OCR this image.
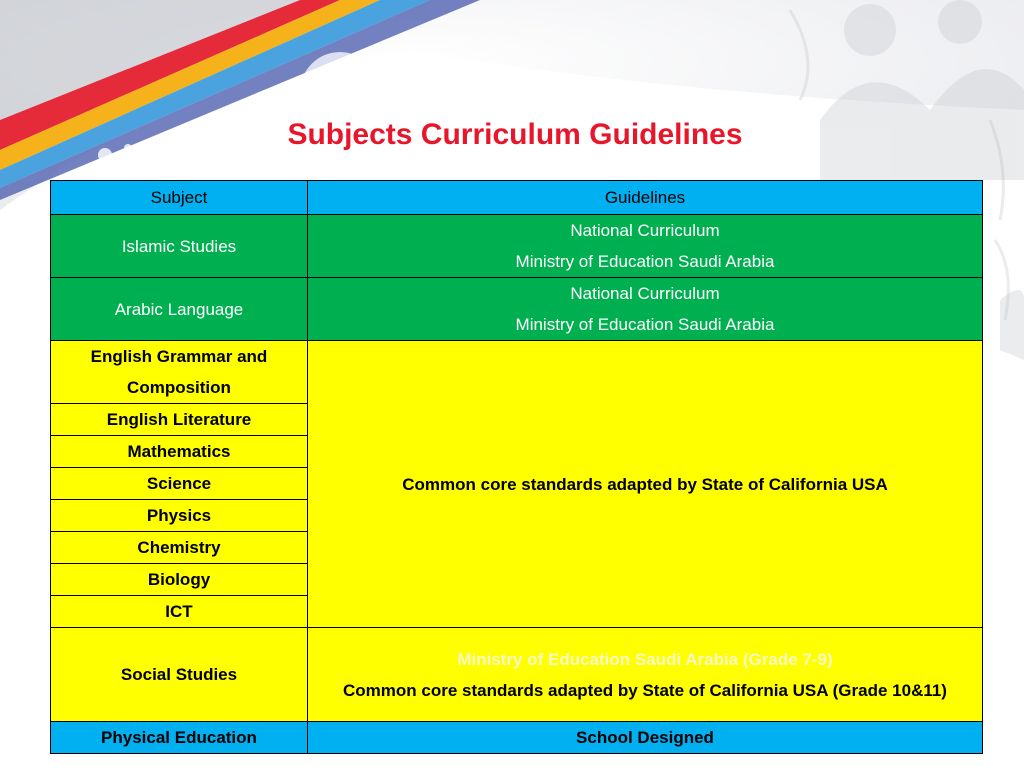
Subjects Curriculum Guidelines
Subject	Guidelines
Islamic Studies	National Curriculum
Ministry of Education Saudi Arabia

Arabic Language	National Curriculum
Ministry of Education Saudi Arabia

English Grammar and Composition	Common core standards adapted by State of California USA
English Literature	
Mathematics	
Science	
Physics	
Chemistry	
Biology	
ICT	
Social Studies	Ministry of Education Saudi Arabia (Grade 7-9)
Common core standards adapted by State of California USA (Grade 10&11)

Physical Education	School Designed
